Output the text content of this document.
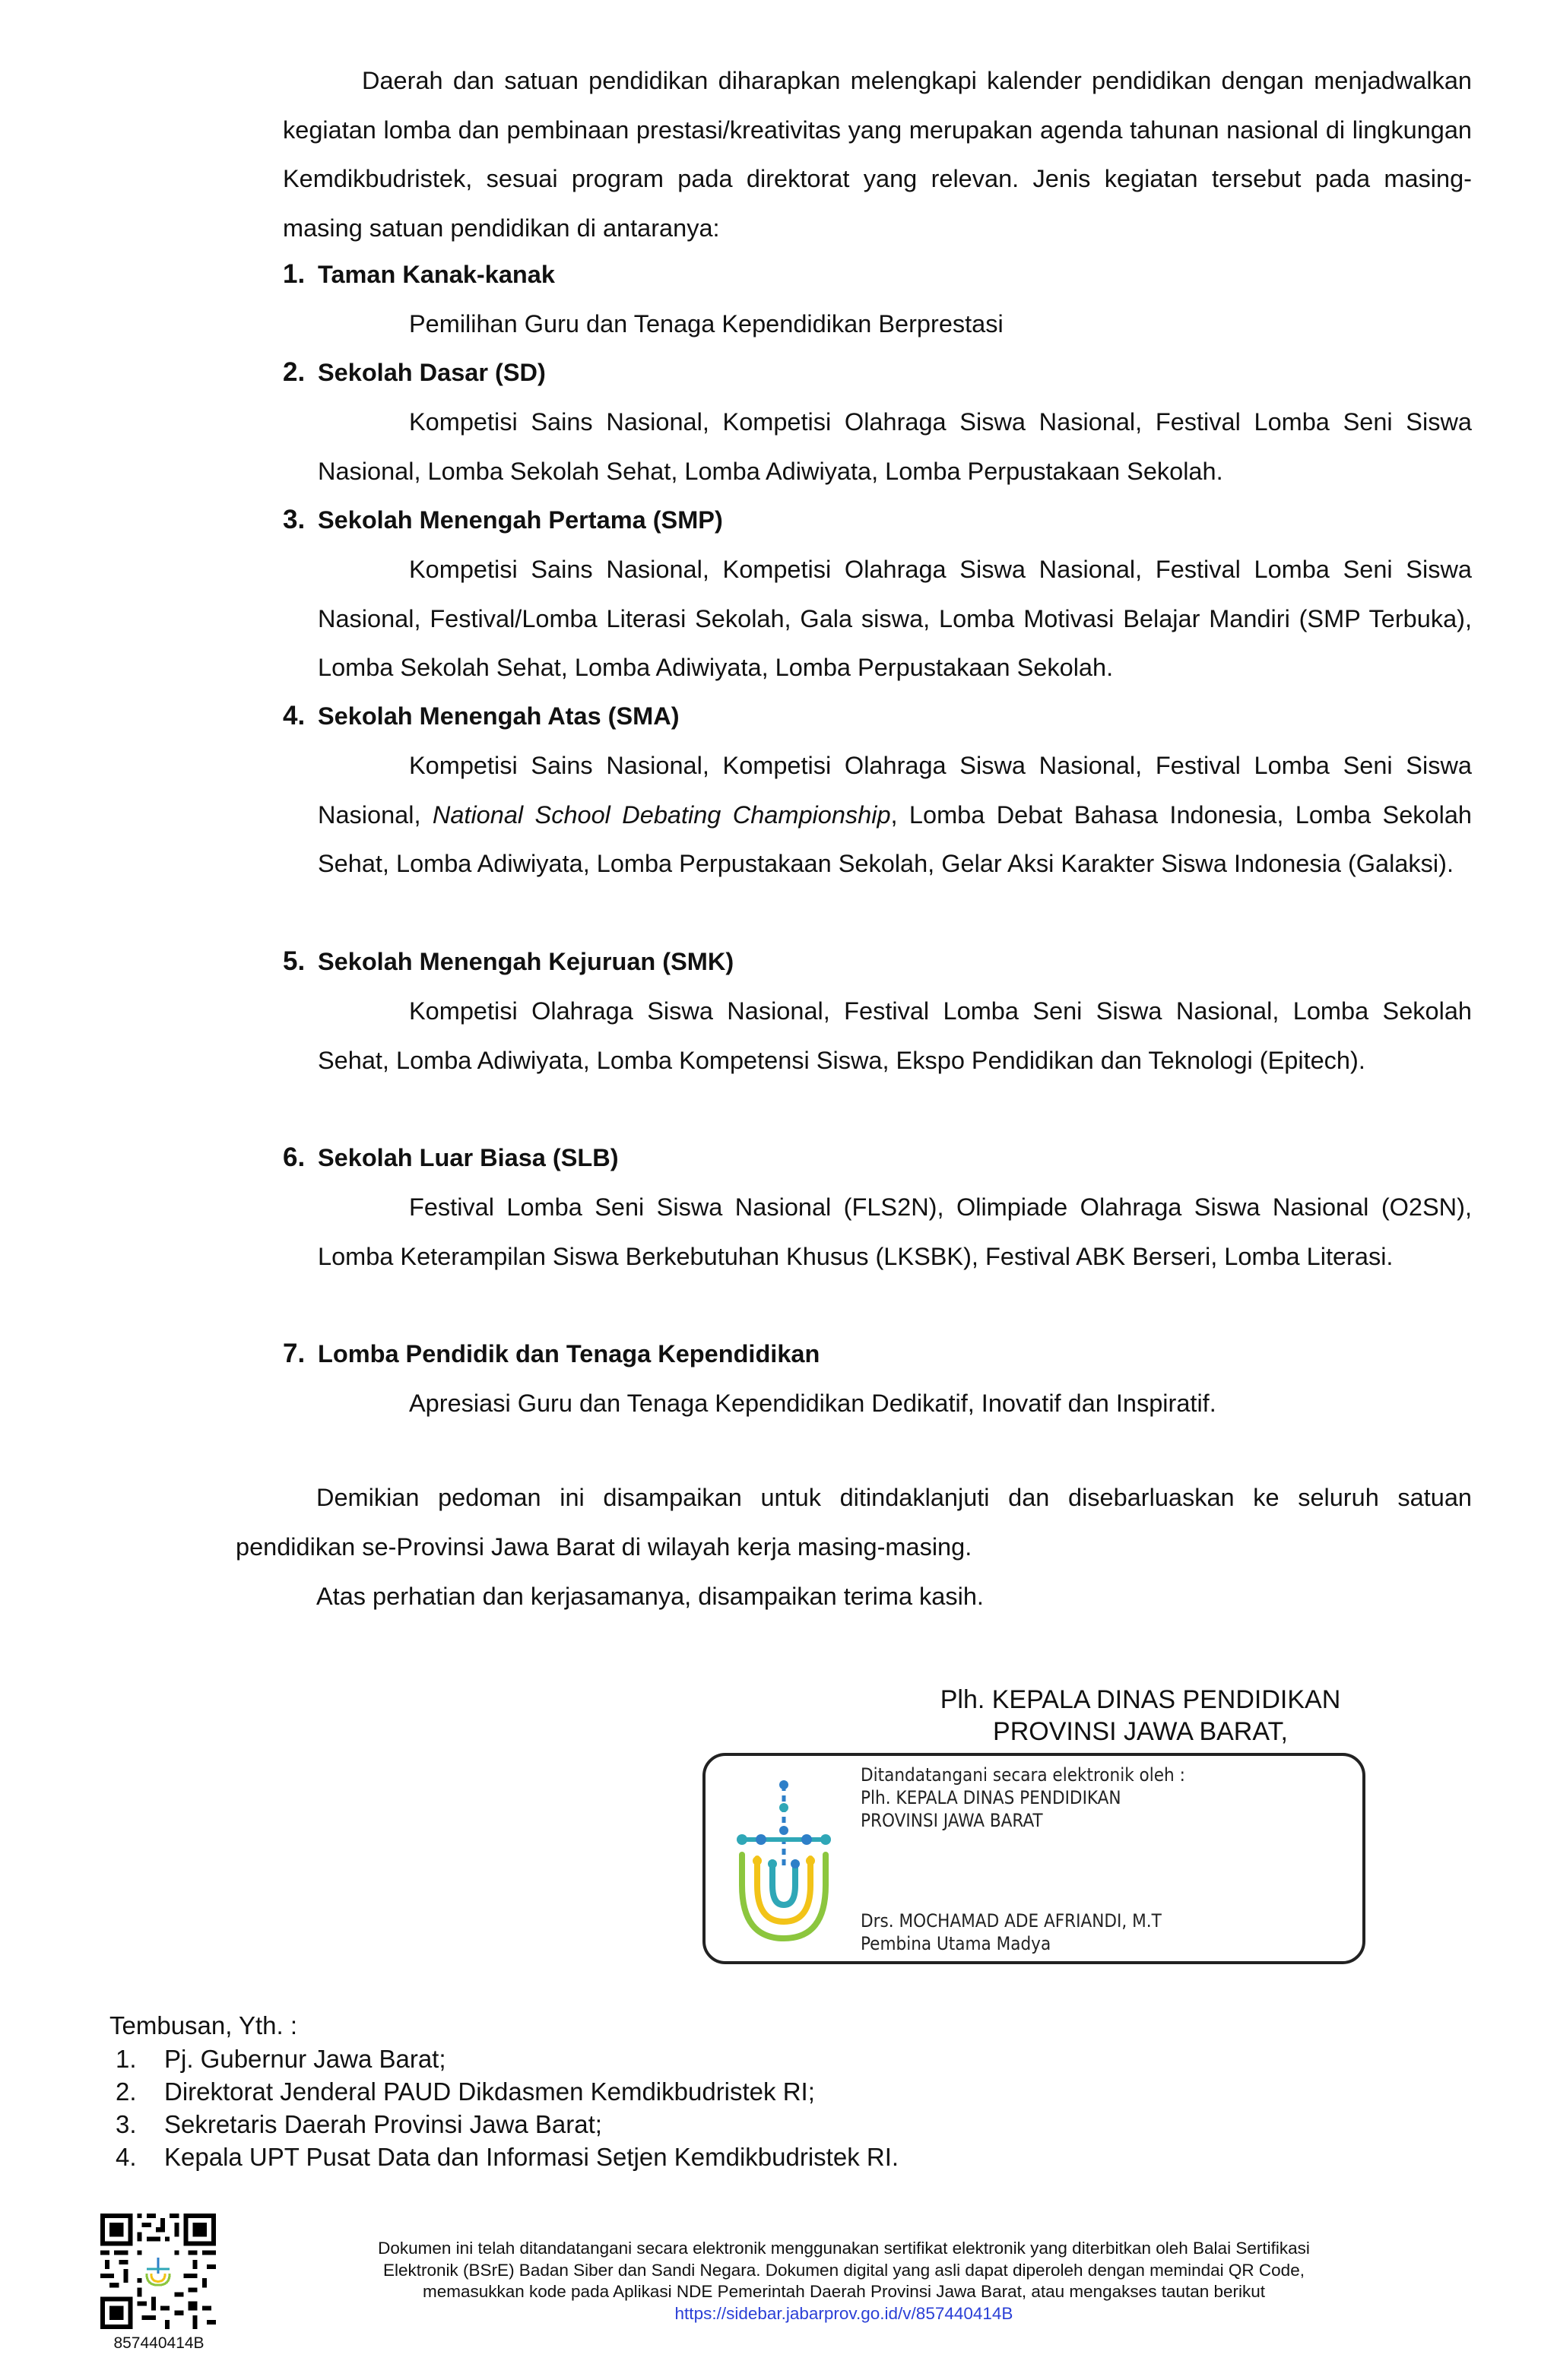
Daerah dan satuan pendidikan diharapkan melengkapi kalender pendidikan dengan menjadwalkan kegiatan lomba dan pembinaan prestasi/kreativitas yang merupakan agenda tahunan nasional di lingkungan Kemdikbudristek, sesuai program pada direktorat yang relevan. Jenis kegiatan tersebut pada masing-masing satuan pendidikan di antaranya:
1. Taman Kanak-kanak
Pemilihan Guru dan Tenaga Kependidikan Berprestasi
2. Sekolah Dasar (SD)
Kompetisi Sains Nasional, Kompetisi Olahraga Siswa Nasional, Festival Lomba Seni Siswa Nasional, Lomba Sekolah Sehat, Lomba Adiwiyata, Lomba Perpustakaan Sekolah.
3. Sekolah Menengah Pertama (SMP)
Kompetisi Sains Nasional, Kompetisi Olahraga Siswa Nasional, Festival Lomba Seni Siswa Nasional, Festival/Lomba Literasi Sekolah, Gala siswa, Lomba Motivasi Belajar Mandiri (SMP Terbuka), Lomba Sekolah Sehat, Lomba Adiwiyata, Lomba Perpustakaan Sekolah.
4. Sekolah Menengah Atas (SMA)
Kompetisi Sains Nasional, Kompetisi Olahraga Siswa Nasional, Festival Lomba Seni Siswa Nasional, National School Debating Championship, Lomba Debat Bahasa Indonesia, Lomba Sekolah Sehat, Lomba Adiwiyata, Lomba Perpustakaan Sekolah, Gelar Aksi Karakter Siswa Indonesia (Galaksi).
5. Sekolah Menengah Kejuruan (SMK)
Kompetisi Olahraga Siswa Nasional, Festival Lomba Seni Siswa Nasional, Lomba Sekolah Sehat, Lomba Adiwiyata, Lomba Kompetensi Siswa, Ekspo Pendidikan dan Teknologi (Epitech).
6. Sekolah Luar Biasa (SLB)
Festival Lomba Seni Siswa Nasional (FLS2N), Olimpiade Olahraga Siswa Nasional (O2SN), Lomba Keterampilan Siswa Berkebutuhan Khusus (LKSBK), Festival ABK Berseri, Lomba Literasi.
7. Lomba Pendidik dan Tenaga Kependidikan
Apresiasi Guru dan Tenaga Kependidikan Dedikatif, Inovatif dan Inspiratif.
Demikian pedoman ini disampaikan untuk ditindaklanjuti dan disebarluaskan ke seluruh satuan pendidikan se-Provinsi Jawa Barat di wilayah kerja masing-masing.
Atas perhatian dan kerjasamanya, disampaikan terima kasih.
Plh. KEPALA DINAS PENDIDIKAN
PROVINSI JAWA BARAT,
Ditandatangani secara elektronik oleh :
Plh. KEPALA DINAS PENDIDIKAN
PROVINSI JAWA BARAT
Drs. MOCHAMAD ADE AFRIANDI, M.T
Pembina Utama Madya
Tembusan, Yth. :
1. Pj. Gubernur Jawa Barat;
2. Direktorat Jenderal PAUD Dikdasmen Kemdikbudristek RI;
3. Sekretaris Daerah Provinsi Jawa Barat;
4. Kepala UPT Pusat Data dan Informasi Setjen Kemdikbudristek RI.
857440414B
Dokumen ini telah ditandatangani secara elektronik menggunakan sertifikat elektronik yang diterbitkan oleh Balai Sertifikasi
Elektronik (BSrE) Badan Siber dan Sandi Negara. Dokumen digital yang asli dapat diperoleh dengan memindai QR Code,
memasukkan kode pada Aplikasi NDE Pemerintah Daerah Provinsi Jawa Barat, atau mengakses tautan berikut
https://sidebar.jabarprov.go.id/v/857440414B
